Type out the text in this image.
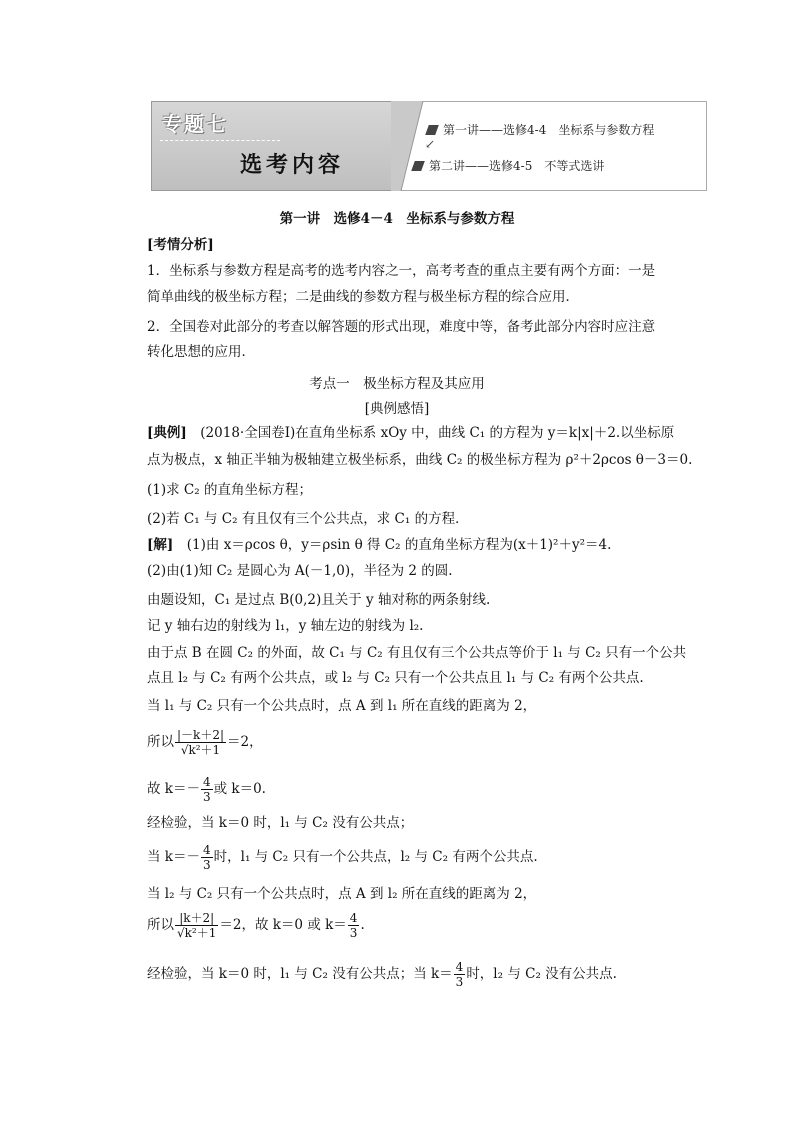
专题七
选考内容
第一讲——选修4-4　坐标系与参数方程
↙
第二讲——选修4-5　不等式选讲
第一讲　选修4－4　坐标系与参数方程
[考情分析]
1．坐标系与参数方程是高考的选考内容之一，高考考查的重点主要有两个方面：一是
简单曲线的极坐标方程；二是曲线的参数方程与极坐标方程的综合应用．
2．全国卷对此部分的考查以解答题的形式出现，难度中等，备考此部分内容时应注意
转化思想的应用．
考点一　极坐标方程及其应用
[典例感悟]
[典例]　(2018·全国卷Ⅰ)在直角坐标系 xOy 中，曲线 C₁ 的方程为 y＝k|x|＋2.以坐标原
点为极点，x 轴正半轴为极轴建立极坐标系，曲线 C₂ 的极坐标方程为 ρ²＋2ρcos θ－3＝0.
(1)求 C₂ 的直角坐标方程；
(2)若 C₁ 与 C₂ 有且仅有三个公共点，求 C₁ 的方程．
[解]　(1)由 x＝ρcos θ，y＝ρsin θ 得 C₂ 的直角坐标方程为(x＋1)²＋y²＝4.
(2)由(1)知 C₂ 是圆心为 A(－1,0)，半径为 2 的圆.
由题设知，C₁ 是过点 B(0,2)且关于 y 轴对称的两条射线.
记 y 轴右边的射线为 l₁，y 轴左边的射线为 l₂.
由于点 B 在圆 C₂ 的外面，故 C₁ 与 C₂ 有且仅有三个公共点等价于 l₁ 与 C₂ 只有一个公共
点且 l₂ 与 C₂ 有两个公共点，或 l₂ 与 C₂ 只有一个公共点且 l₁ 与 C₂ 有两个公共点.
当 l₁ 与 C₂ 只有一个公共点时，点 A 到 l₁ 所在直线的距离为 2，
所以 $\frac{|-k+2|}{\text{√k²＋1}} =2$，
故 $k=- \frac{4}{3}$ 或 k＝0.
经检验，当 k＝0 时，l₁ 与 C₂ 没有公共点；
当 $k=- \frac{4}{3}$ 时，l₁ 与 C₂ 只有一个公共点，l₂ 与 C₂ 有两个公共点.
当 l₂ 与 C₂ 只有一个公共点时，点 A 到 l₂ 所在直线的距离为 2，
所以 $\frac{|k+2|}{\text{√k²＋1}} =2$，故 k＝0 或 $k= \frac{4}{3}$ .
经检验，当 k＝0 时，l₁ 与 C₂ 没有公共点；当 $k= \frac{4}{3}$ 时，l₂ 与 C₂ 没有公共点.
